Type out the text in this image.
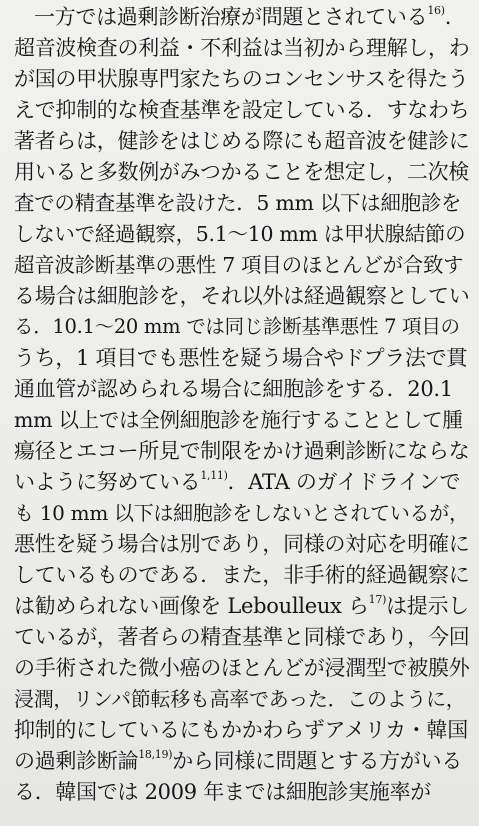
一方では過剰診断治療が問題とされている$^{16)}$.
超音波検査の利益・不利益は当初から理解し，わ
が国の甲状腺専門家たちのコンセンサスを得たう
えで抑制的な検査基準を設定している．すなわち
著者らは，健診をはじめる際にも超音波を健診に
用いると多数例がみつかることを想定し，二次検
査での精査基準を設けた．5 mm 以下は細胞診を
しないで経過観察，5.1～10 mm は甲状腺結節の
超音波診断基準の悪性 7 項目のほとんどが合致す
る場合は細胞診を，それ以外は経過観察としてい
る．10.1～20 mm では同じ診断基準悪性 7 項目の
うち，1 項目でも悪性を疑う場合やドプラ法で貫
通血管が認められる場合に細胞診をする．20.1
mm 以上では全例細胞診を施行することとして腫
瘍径とエコー所見で制限をかけ過剰診断にならな
いように努めている$^{1,11)}$．ATA のガイドラインで
も 10 mm 以下は細胞診をしないとされているが，
悪性を疑う場合は別であり，同様の対応を明確に
しているものである．また，非手術的経過観察に
は勧められない画像を Leboulleux ら$^{17)}$は提示し
ているが，著者らの精査基準と同様であり，今回
の手術された微小癌のほとんどが浸潤型で被膜外
浸潤，リンパ節転移も高率であった．このように，
抑制的にしているにもかかわらずアメリカ・韓国
の過剰診断論$^{18,19)}$から同様に問題とする方がいる
る．韓国では 2009 年までは細胞診実施率が
